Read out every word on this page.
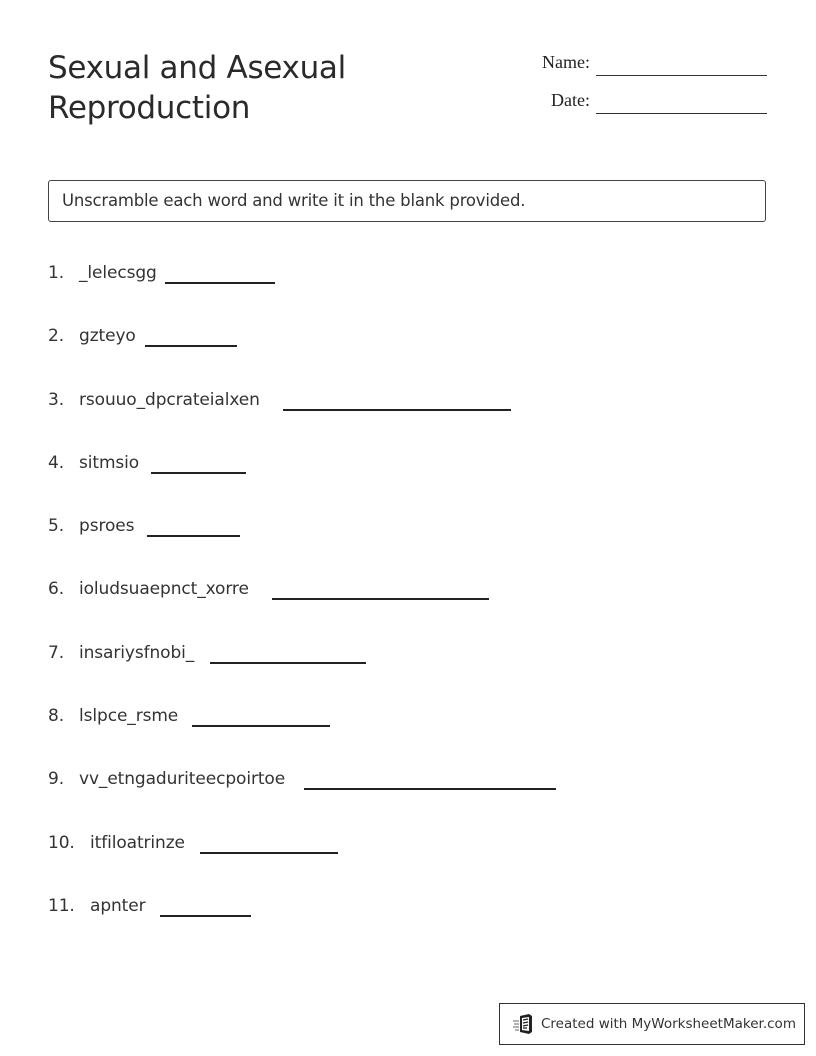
Sexual and Asexual
Reproduction
Name:
Date:
Unscramble each word and write it in the blank provided.
1. _lelecsgg
2. gzteyo
3. rsouuo_dpcrateialxen
4. sitmsio
5. psroes
6. ioludsuaepnct_xorre
7. insariysfnobi_
8. lslpce_rsme
9. vv_etngaduriteecpoirtoe
10. itfiloatrinze
11. apnter
Created with MyWorksheetMaker.com
